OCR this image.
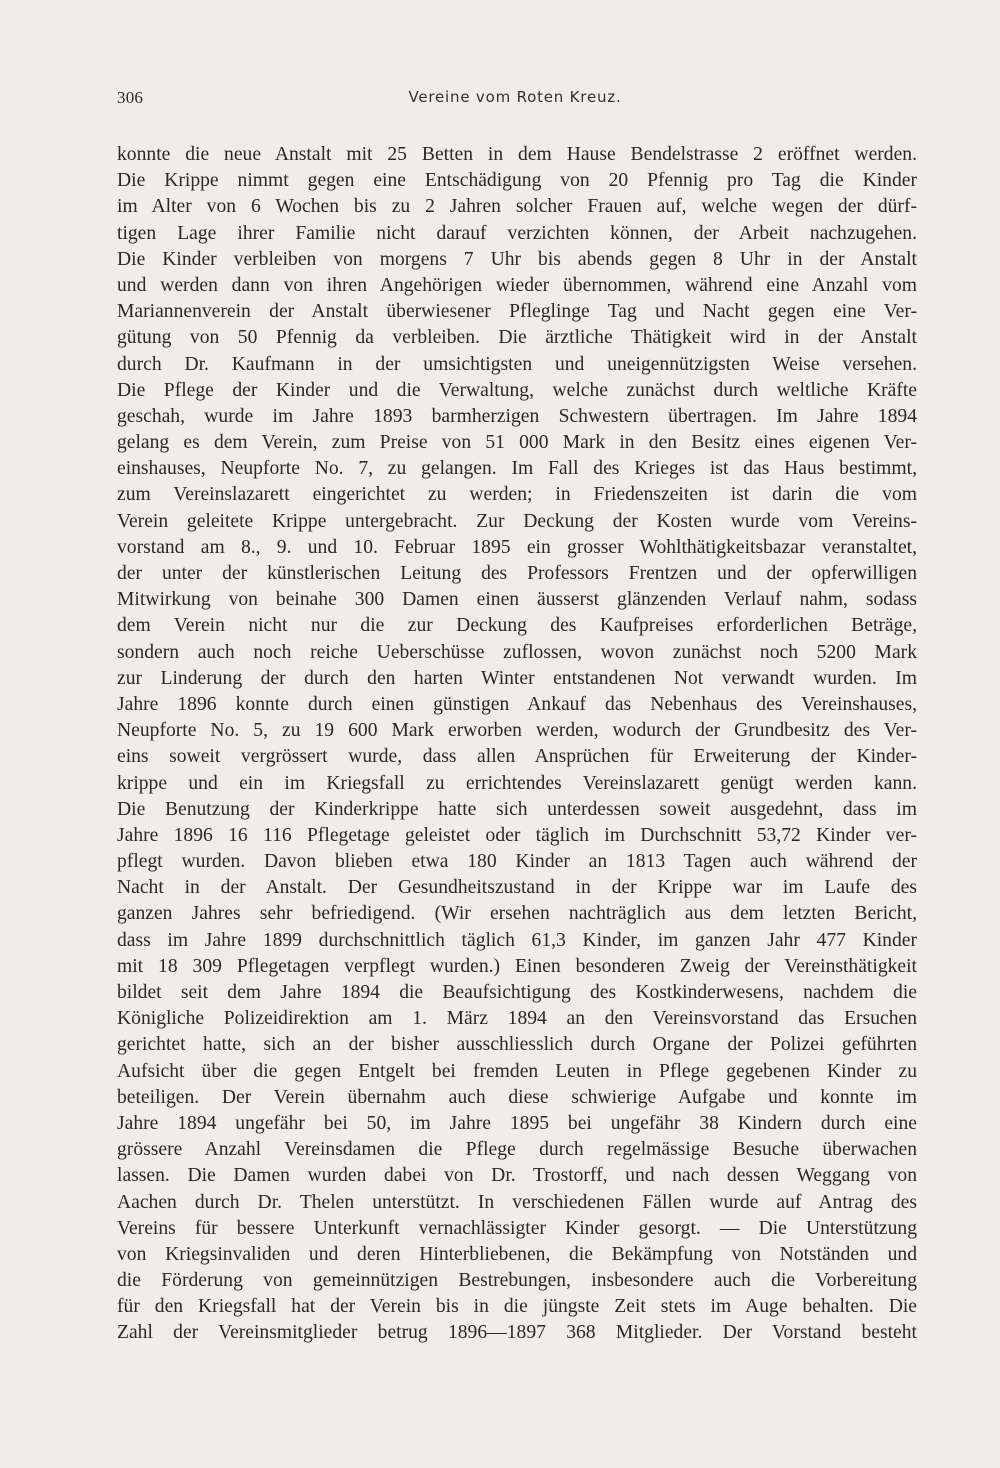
306	Vereine vom Roten Kreuz.
konnte die neue Anstalt mit 25 Betten in dem Hause Bendelstrasse 2 eröffnet werden.
Die Krippe nimmt gegen eine Entschädigung von 20 Pfennig pro Tag die Kinder
im Alter von 6 Wochen bis zu 2 Jahren solcher Frauen auf, welche wegen der dürf-
tigen Lage ihrer Familie nicht darauf verzichten können, der Arbeit nachzugehen.
Die Kinder verbleiben von morgens 7 Uhr bis abends gegen 8 Uhr in der Anstalt
und werden dann von ihren Angehörigen wieder übernommen, während eine Anzahl vom
Mariannenverein der Anstalt überwiesener Pfleglinge Tag und Nacht gegen eine Ver-
gütung von 50 Pfennig da verbleiben. Die ärztliche Thätigkeit wird in der Anstalt
durch Dr. Kaufmann in der umsichtigsten und uneigennützigsten Weise versehen.
Die Pflege der Kinder und die Verwaltung, welche zunächst durch weltliche Kräfte
geschah, wurde im Jahre 1893 barmherzigen Schwestern übertragen. Im Jahre 1894
gelang es dem Verein, zum Preise von 51 000 Mark in den Besitz eines eigenen Ver-
einshauses, Neupforte No. 7, zu gelangen. Im Fall des Krieges ist das Haus bestimmt,
zum Vereinslazarett eingerichtet zu werden; in Friedenszeiten ist darin die vom
Verein geleitete Krippe untergebracht. Zur Deckung der Kosten wurde vom Vereins-
vorstand am 8., 9. und 10. Februar 1895 ein grosser Wohlthätigkeitsbazar veranstaltet,
der unter der künstlerischen Leitung des Professors Frentzen und der opferwilligen
Mitwirkung von beinahe 300 Damen einen äusserst glänzenden Verlauf nahm, sodass
dem Verein nicht nur die zur Deckung des Kaufpreises erforderlichen Beträge,
sondern auch noch reiche Ueberschüsse zuflossen, wovon zunächst noch 5200 Mark
zur Linderung der durch den harten Winter entstandenen Not verwandt wurden. Im
Jahre 1896 konnte durch einen günstigen Ankauf das Nebenhaus des Vereinshauses,
Neupforte No. 5, zu 19 600 Mark erworben werden, wodurch der Grundbesitz des Ver-
eins soweit vergrössert wurde, dass allen Ansprüchen für Erweiterung der Kinder-
krippe und ein im Kriegsfall zu errichtendes Vereinslazarett genügt werden kann.
Die Benutzung der Kinderkrippe hatte sich unterdessen soweit ausgedehnt, dass im
Jahre 1896 16 116 Pflegetage geleistet oder täglich im Durchschnitt 53,72 Kinder ver-
pflegt wurden. Davon blieben etwa 180 Kinder an 1813 Tagen auch während der
Nacht in der Anstalt. Der Gesundheitszustand in der Krippe war im Laufe des
ganzen Jahres sehr befriedigend. (Wir ersehen nachträglich aus dem letzten Bericht,
dass im Jahre 1899 durchschnittlich täglich 61,3 Kinder, im ganzen Jahr 477 Kinder
mit 18 309 Pflegetagen verpflegt wurden.) Einen besonderen Zweig der Vereinsthätigkeit
bildet seit dem Jahre 1894 die Beaufsichtigung des Kostkinderwesens, nachdem die
Königliche Polizeidirektion am 1. März 1894 an den Vereinsvorstand das Ersuchen
gerichtet hatte, sich an der bisher ausschliesslich durch Organe der Polizei geführten
Aufsicht über die gegen Entgelt bei fremden Leuten in Pflege gegebenen Kinder zu
beteiligen. Der Verein übernahm auch diese schwierige Aufgabe und konnte im
Jahre 1894 ungefähr bei 50, im Jahre 1895 bei ungefähr 38 Kindern durch eine
grössere Anzahl Vereinsdamen die Pflege durch regelmässige Besuche überwachen
lassen. Die Damen wurden dabei von Dr. Trostorff, und nach dessen Weggang von
Aachen durch Dr. Thelen unterstützt. In verschiedenen Fällen wurde auf Antrag des
Vereins für bessere Unterkunft vernachlässigter Kinder gesorgt. — Die Unterstützung
von Kriegsinvaliden und deren Hinterbliebenen, die Bekämpfung von Notständen und
die Förderung von gemeinnützigen Bestrebungen, insbesondere auch die Vorbereitung
für den Kriegsfall hat der Verein bis in die jüngste Zeit stets im Auge behalten. Die
Zahl der Vereinsmitglieder betrug 1896—1897 368 Mitglieder. Der Vorstand besteht
